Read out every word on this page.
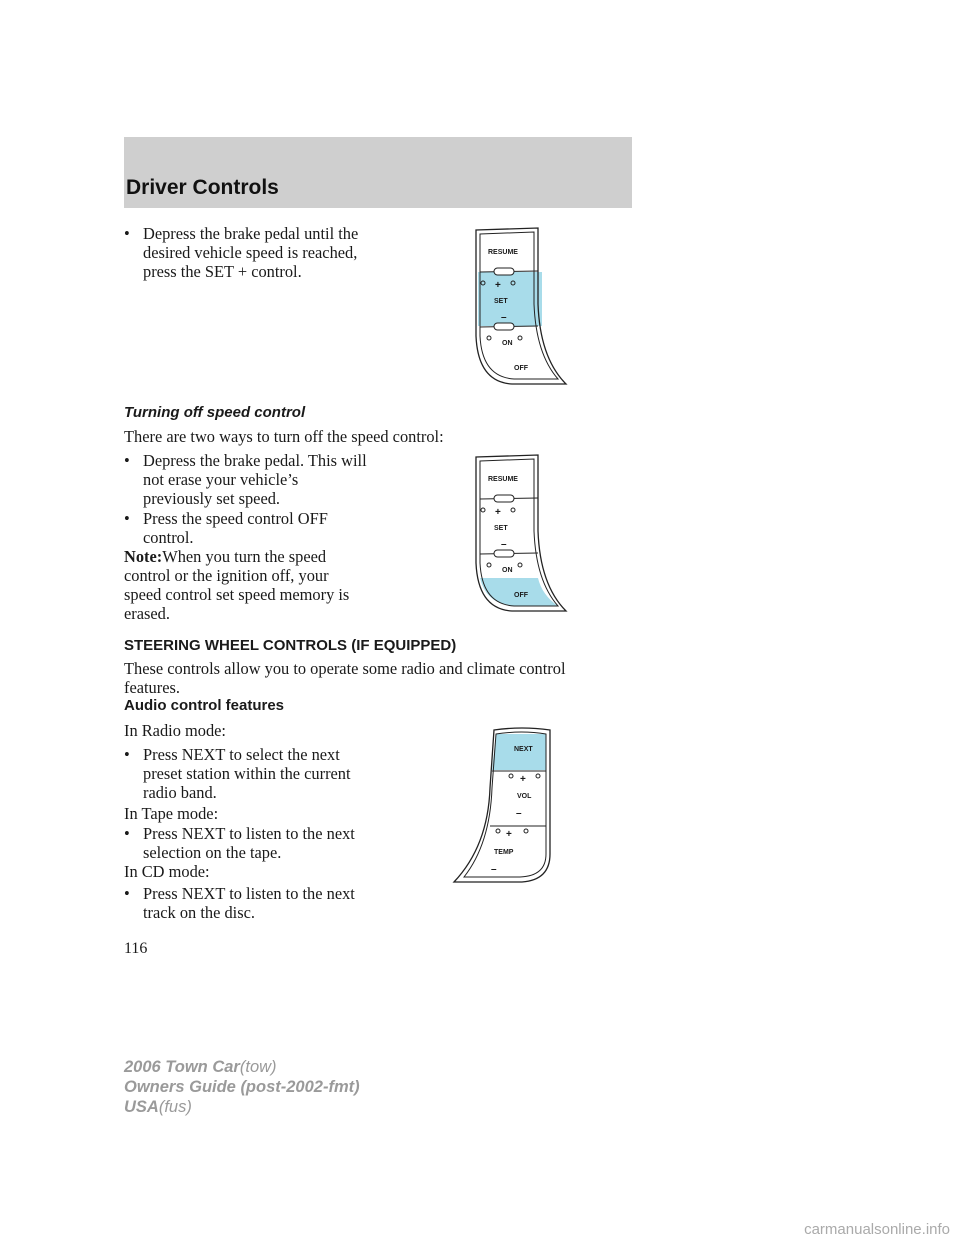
Driver Controls
• Depress the brake pedal until the
desired vehicle speed is reached,
press the SET + control.
RESUME
+
SET
–
ON
OFF
Turning off speed control
There are two ways to turn off the speed control:
• Depress the brake pedal. This will
not erase your vehicle’s
previously set speed.
• Press the speed control OFF
control.
Note:When you turn the speed
control or the ignition off, your
speed control set speed memory is
erased.
RESUME
+
SET
–
ON
OFF
STEERING WHEEL CONTROLS (IF EQUIPPED)
These controls allow you to operate some radio and climate control
features.
Audio control features
In Radio mode:
• Press NEXT to select the next
preset station within the current
radio band.
In Tape mode:
• Press NEXT to listen to the next
selection on the tape.
In CD mode:
• Press NEXT to listen to the next
track on the disc.
NEXT
+
VOL
–
+
TEMP
–
116
2006 Town Car(tow)
Owners Guide (post-2002-fmt)
USA(fus)
carmanualsonline.info
